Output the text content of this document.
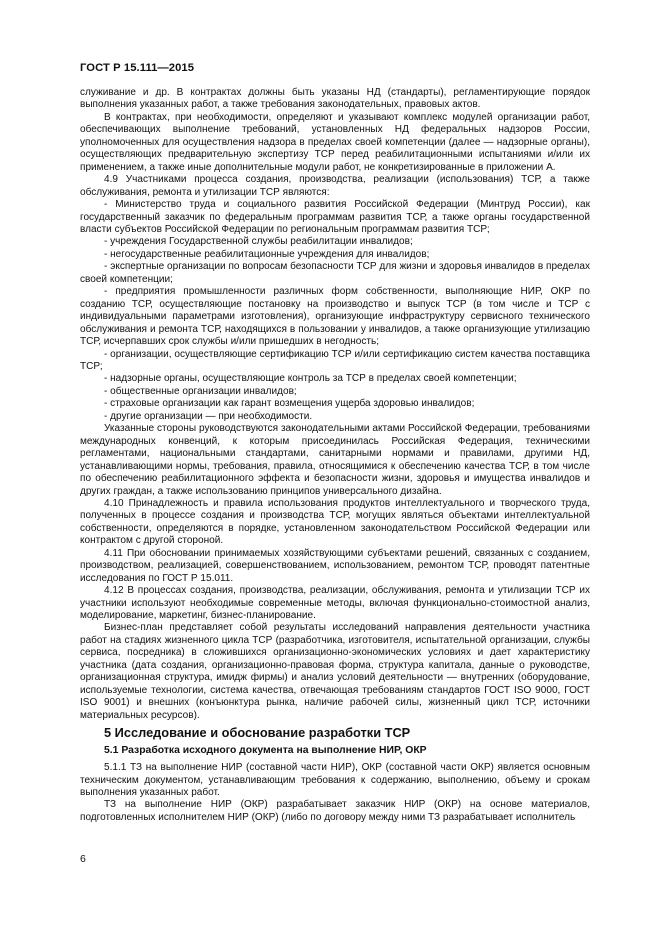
ГОСТ Р 15.111—2015

служивание и др. В контрактах должны быть указаны НД (стандарты), регламентирующие порядок выполнения указанных работ, а также требования законодательных, правовых актов.

В контрактах, при необходимости, определяют и указывают комплекс модулей организации работ, обеспечивающих выполнение требований, установленных НД федеральных надзоров России, уполномоченных для осуществления надзора в пределах своей компетенции (далее — надзорные органы), осуществляющих предварительную экспертизу ТСР перед реабилитационными испытаниями и/или их применением, а также иные дополнительные модули работ, не конкретизированные в приложении А.

4.9 Участниками процесса создания, производства, реализации (использования) ТСР, а также обслуживания, ремонта и утилизации ТСР являются:

- Министерство труда и социального развития Российской Федерации (Минтруд России), как государственный заказчик по федеральным программам развития ТСР, а также органы государственной власти субъектов Российской Федерации по региональным программам развития ТСР;

- учреждения Государственной службы реабилитации инвалидов;

- негосударственные реабилитационные учреждения для инвалидов;

- экспертные организации по вопросам безопасности ТСР для жизни и здоровья инвалидов в пределах своей компетенции;

- предприятия промышленности различных форм собственности, выполняющие НИР, ОКР по созданию ТСР, осуществляющие постановку на производство и выпуск ТСР (в том числе и ТСР с индивидуальными параметрами изготовления), организующие инфраструктуру сервисного технического обслуживания и ремонта ТСР, находящихся в пользовании у инвалидов, а также организующие утилизацию ТСР, исчерпавших срок службы и/или пришедших в негодность;

- организации, осуществляющие сертификацию ТСР и/или сертификацию систем качества поставщика ТСР;

- надзорные органы, осуществляющие контроль за ТСР в пределах своей компетенции;

- общественные организации инвалидов;

- страховые организации как гарант возмещения ущерба здоровью инвалидов;

- другие организации — при необходимости.

Указанные стороны руководствуются законодательными актами Российской Федерации, требованиями международных конвенций, к которым присоединилась Российская Федерация, техническими регламентами, национальными стандартами, санитарными нормами и правилами, другими НД, устанавливающими нормы, требования, правила, относящимися к обеспечению качества ТСР, в том числе по обеспечению реабилитационного эффекта и безопасности жизни, здоровья и имущества инвалидов и других граждан, а также использованию принципов универсального дизайна.

4.10 Принадлежность и правила использования продуктов интеллектуального и творческого труда, полученных в процессе создания и производства ТСР, могущих являться объектами интеллектуальной собственности, определяются в порядке, установленном законодательством Российской Федерации или контрактом с другой стороной.

4.11 При обосновании принимаемых хозяйствующими субъектами решений, связанных с созданием, производством, реализацией, совершенствованием, использованием, ремонтом ТСР, проводят патентные исследования по ГОСТ Р 15.011.

4.12 В процессах создания, производства, реализации, обслуживания, ремонта и утилизации ТСР их участники используют необходимые современные методы, включая функционально-стоимостной анализ, моделирование, маркетинг, бизнес-планирование.

Бизнес-план представляет собой результаты исследований направления деятельности участника работ на стадиях жизненного цикла ТСР (разработчика, изготовителя, испытательной организации, службы сервиса, посредника) в сложившихся организационно-экономических условиях и дает характеристику участника (дата создания, организационно-правовая форма, структура капитала, данные о руководстве, организационная структура, имидж фирмы) и анализ условий деятельности — внутренних (оборудование, используемые технологии, система качества, отвечающая требованиям стандартов ГОСТ ISO 9000, ГОСТ ISO 9001) и внешних (конъюнктура рынка, наличие рабочей силы, жизненный цикл ТСР, источники материальных ресурсов).

5 Исследование и обоснование разработки ТСР
5.1 Разработка исходного документа на выполнение НИР, ОКР

5.1.1 ТЗ на выполнение НИР (составной части НИР), ОКР (составной части ОКР) является основным техническим документом, устанавливающим требования к содержанию, выполнению, объему и срокам выполнения указанных работ.

ТЗ на выполнение НИР (ОКР) разрабатывает заказчик НИР (ОКР) на основе материалов, подготовленных исполнителем НИР (ОКР) (либо по договору между ними ТЗ разрабатывает исполнитель

6
